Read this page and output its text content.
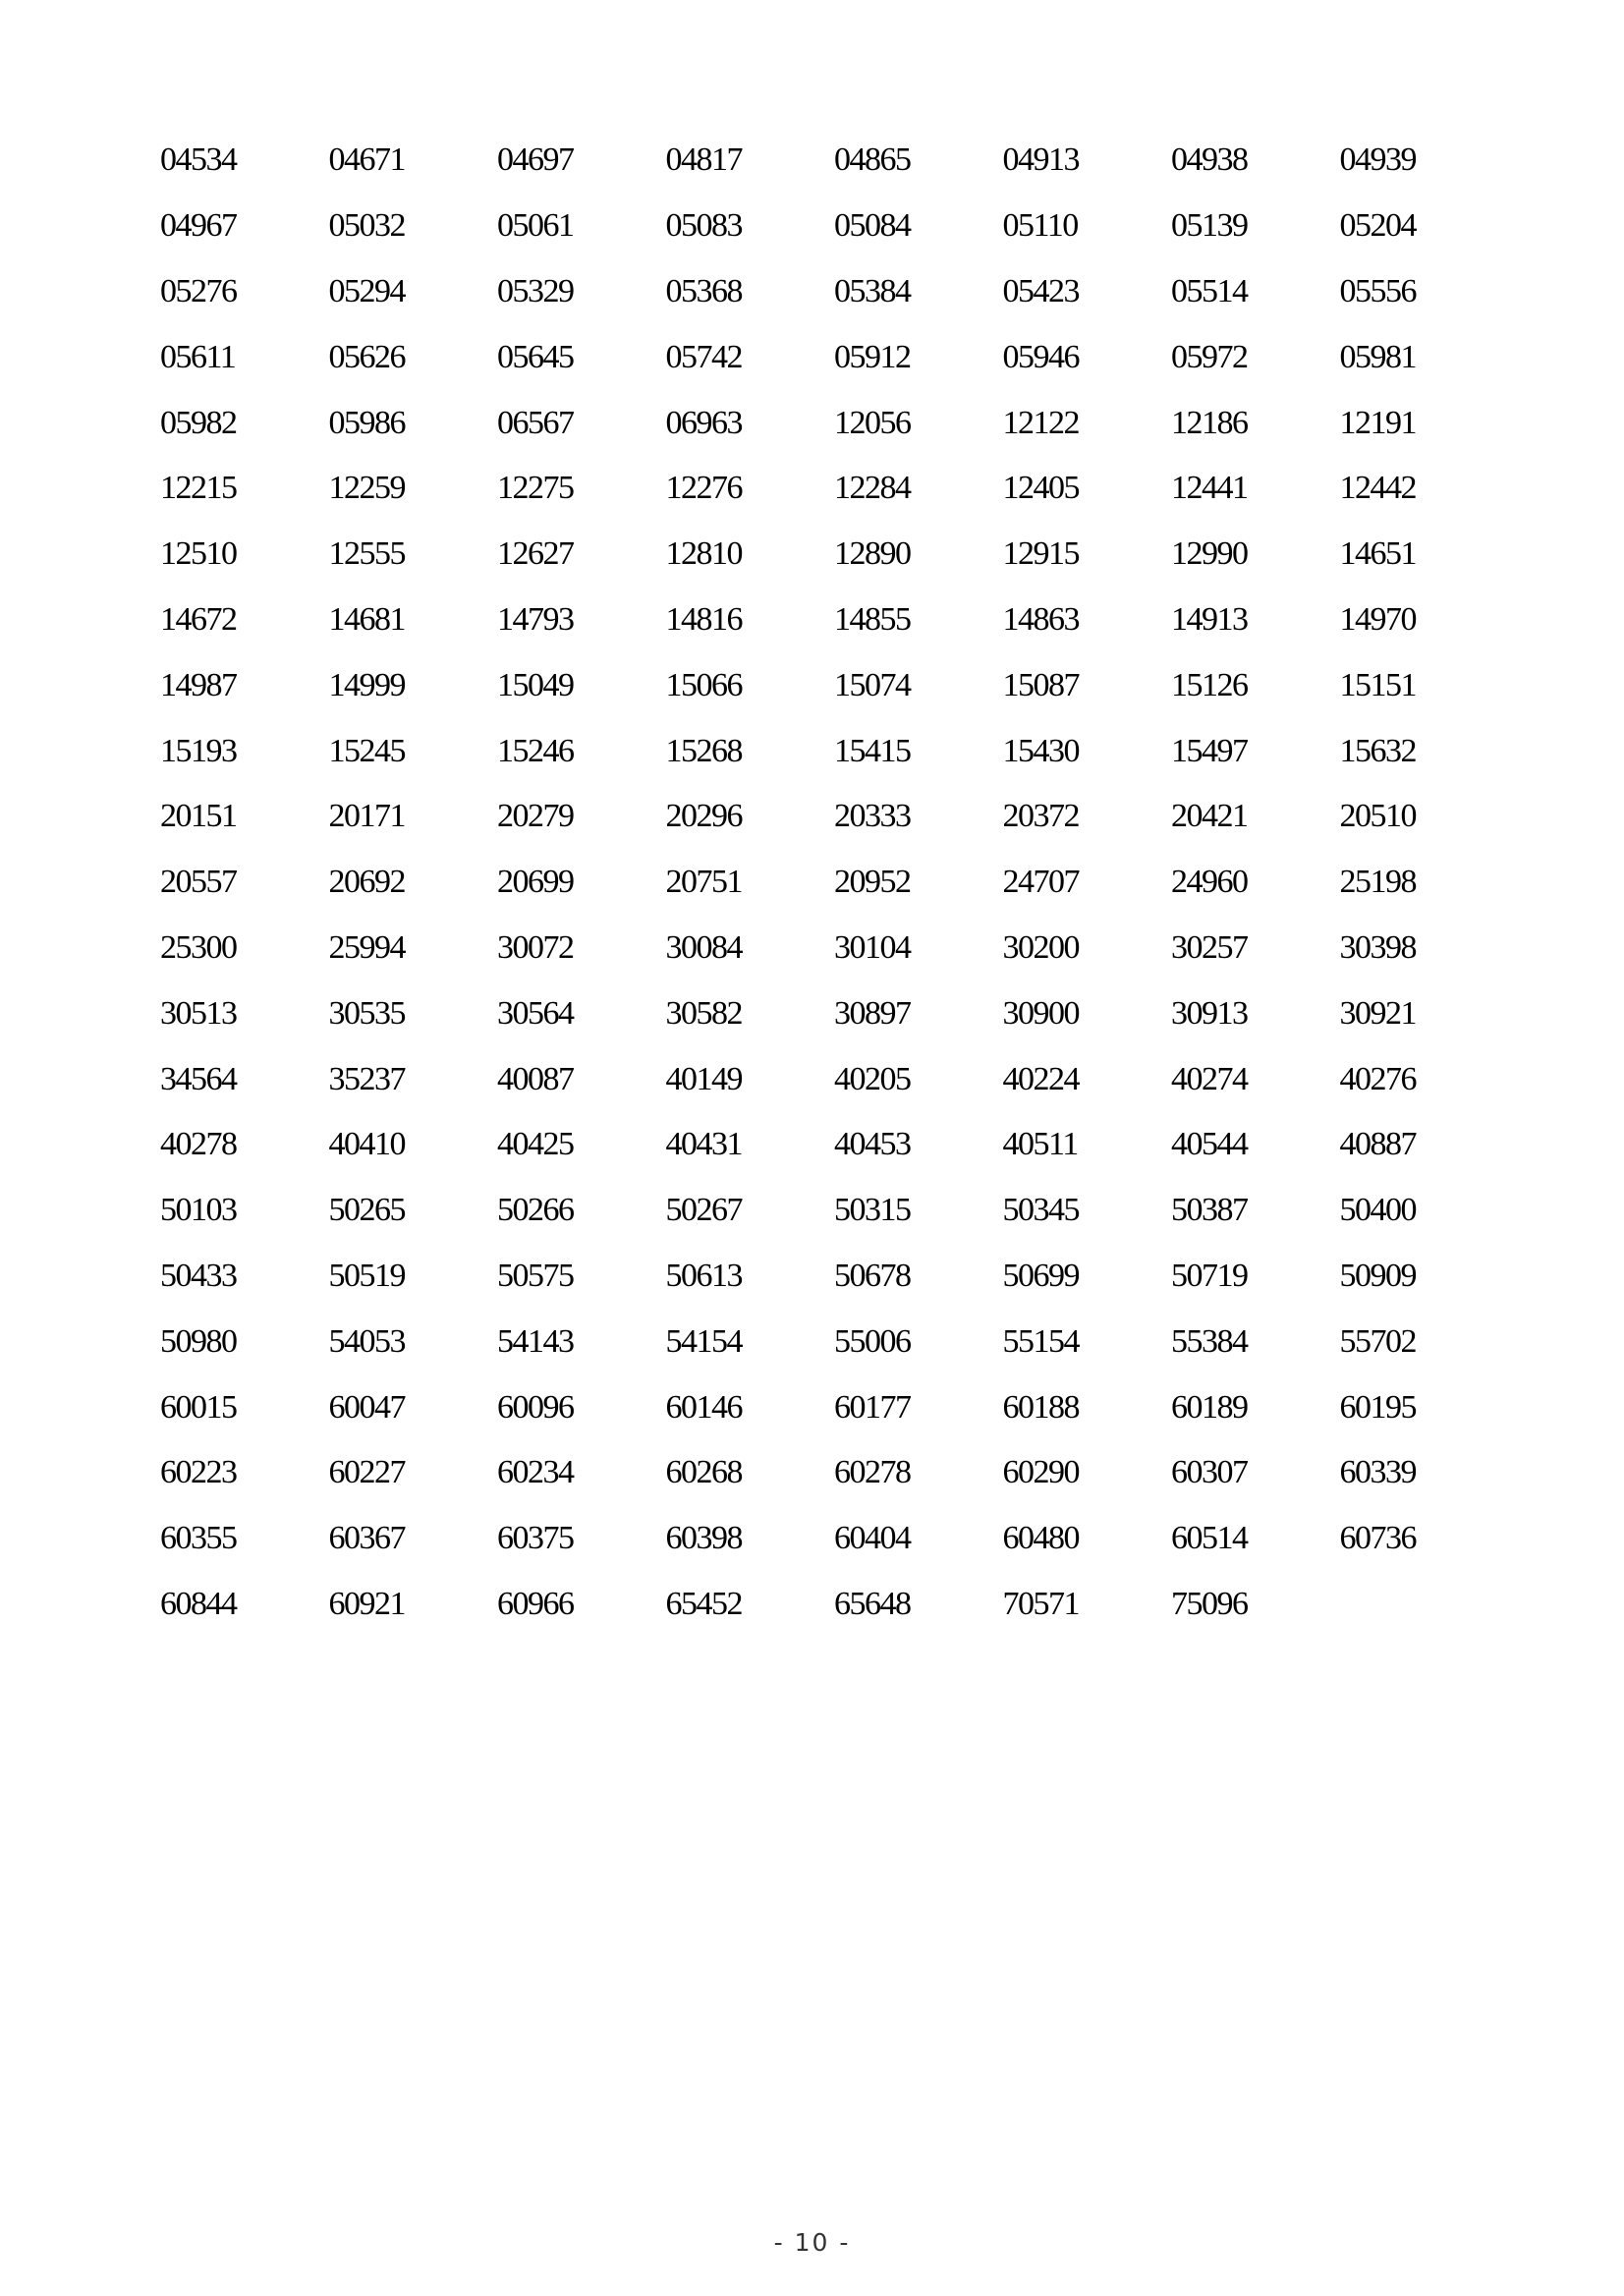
04534	04671	04697	04817	04865	04913	04938	04939
04967	05032	05061	05083	05084	05110	05139	05204
05276	05294	05329	05368	05384	05423	05514	05556
05611	05626	05645	05742	05912	05946	05972	05981
05982	05986	06567	06963	12056	12122	12186	12191
12215	12259	12275	12276	12284	12405	12441	12442
12510	12555	12627	12810	12890	12915	12990	14651
14672	14681	14793	14816	14855	14863	14913	14970
14987	14999	15049	15066	15074	15087	15126	15151
15193	15245	15246	15268	15415	15430	15497	15632
20151	20171	20279	20296	20333	20372	20421	20510
20557	20692	20699	20751	20952	24707	24960	25198
25300	25994	30072	30084	30104	30200	30257	30398
30513	30535	30564	30582	30897	30900	30913	30921
34564	35237	40087	40149	40205	40224	40274	40276
40278	40410	40425	40431	40453	40511	40544	40887
50103	50265	50266	50267	50315	50345	50387	50400
50433	50519	50575	50613	50678	50699	50719	50909
50980	54053	54143	54154	55006	55154	55384	55702
60015	60047	60096	60146	60177	60188	60189	60195
60223	60227	60234	60268	60278	60290	60307	60339
60355	60367	60375	60398	60404	60480	60514	60736
60844	60921	60966	65452	65648	70571	75096
- 10 -
